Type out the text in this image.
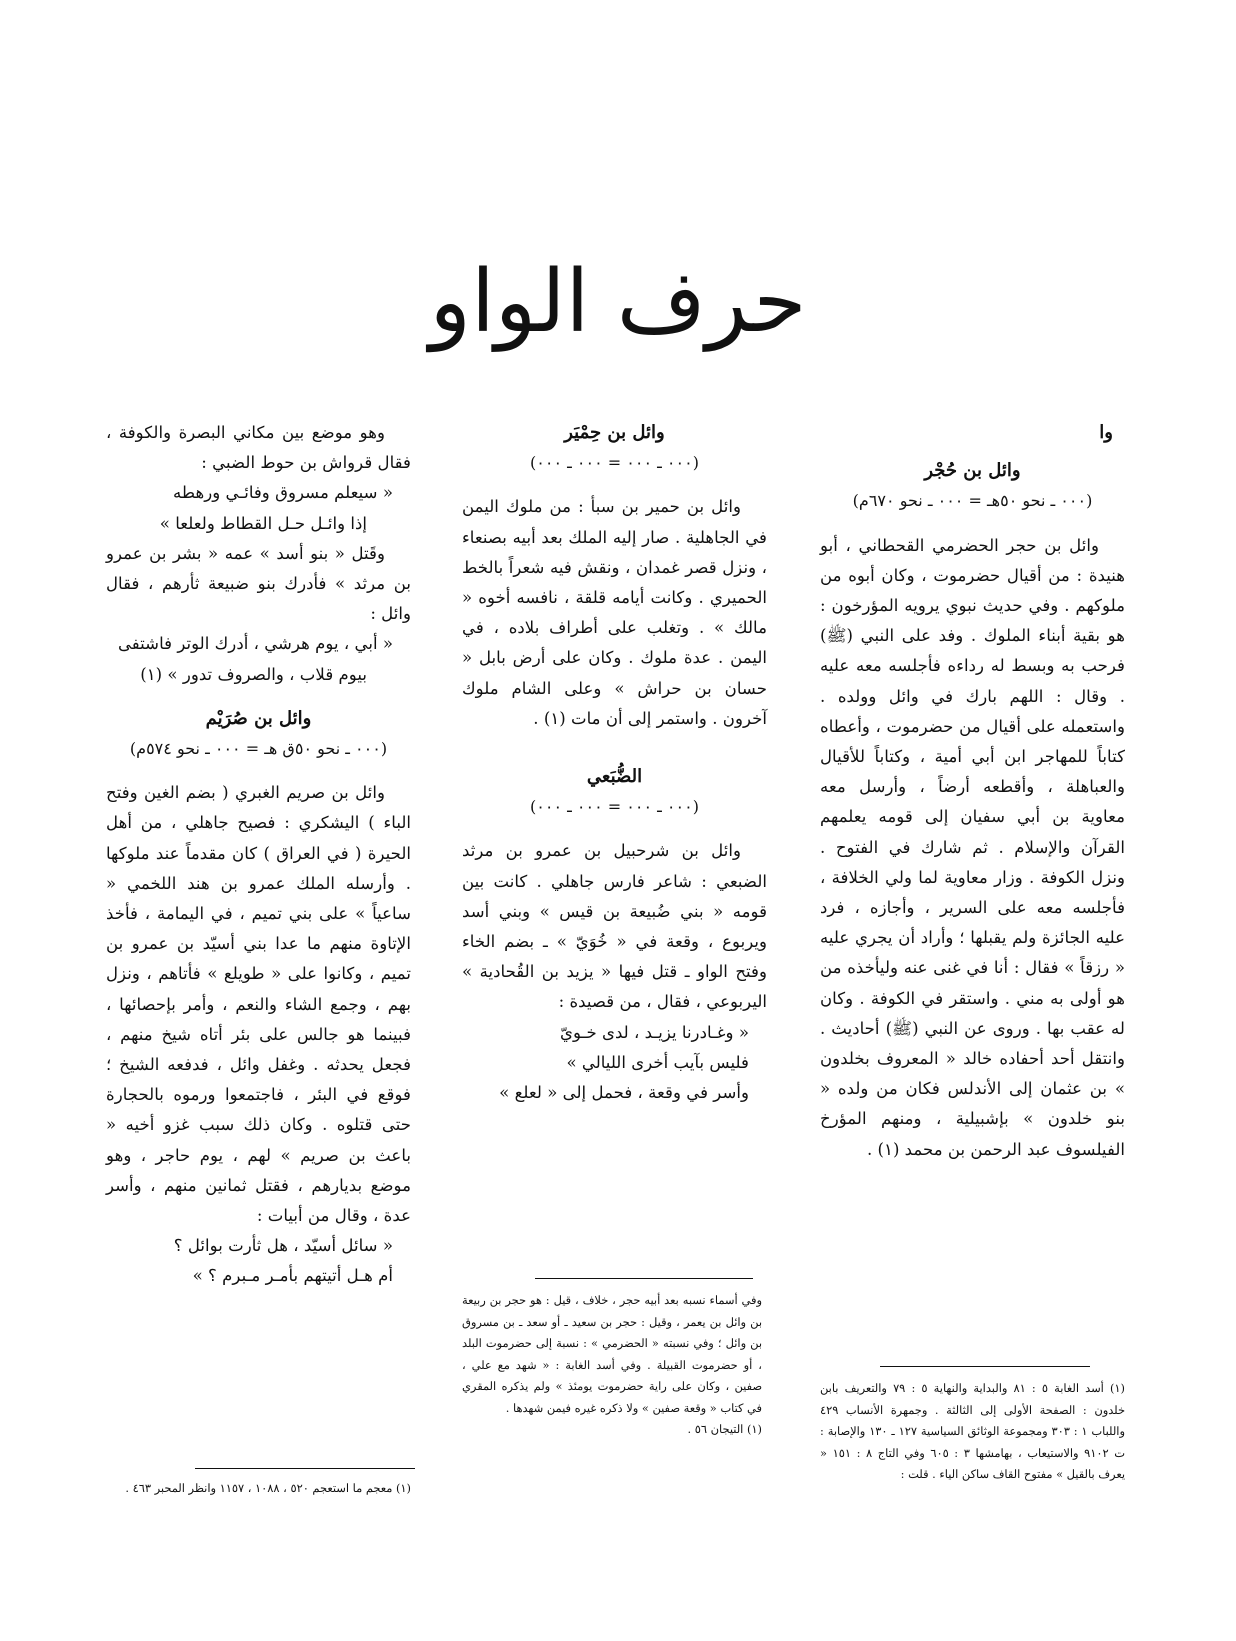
حرف الواو

وا

وائل بن حُجْر

(۰۰۰ ـ نحو ٥٠هـ = ۰۰۰ ـ نحو ٦٧٠م)

وائل بن حجر الحضرمي القحطاني ، أبو هنيدة : من أقيال حضرموت ، وكان أبوه من ملوكهم . وفي حديث نبوي يرويه المؤرخون : هو بقية أبناء الملوك . وفد على النبي (ﷺ) فرحب به وبسط له رداءه فأجلسه معه عليه . وقال : اللهم بارك في وائل وولده . واستعمله على أقيال من حضرموت ، وأعطاه كتاباً للمهاجر ابن أبي أمية ، وكتاباً للأقيال والعباهلة ، وأقطعه أرضاً ، وأرسل معه معاوية بن أبي سفيان إلى قومه يعلمهم القرآن والإسلام . ثم شارك في الفتوح . ونزل الكوفة . وزار معاوية لما ولي الخلافة ، فأجلسه معه على السرير ، وأجازه ، فرد عليه الجائزة ولم يقبلها ؛ وأراد أن يجري عليه « رزقاً » فقال : أنا في غنى عنه وليأخذه من هو أولى به مني . واستقر في الكوفة . وكان له عقب بها . وروى عن النبي (ﷺ) أحاديث . وانتقل أحد أحفاده خالد « المعروف بخلدون » بن عثمان إلى الأندلس فكان من ولده « بنو خلدون » بإشبيلية ، ومنهم المؤرخ الفيلسوف عبد الرحمن بن محمد (١) .

وائل بن حِمْيَر

(۰۰۰ ـ ۰۰۰ = ۰۰۰ ـ ۰۰۰)

وائل بن حمير بن سبأ : من ملوك اليمن في الجاهلية . صار إليه الملك بعد أبيه بصنعاء ، ونزل قصر غمدان ، ونقش فيه شعراً بالخط الحميري . وكانت أيامه قلقة ، نافسه أخوه « مالك » . وتغلب على أطراف بلاده ، في اليمن . عدة ملوك . وكان على أرض بابل « حسان بن حراش » وعلى الشام ملوك آخرون . واستمر إلى أن مات (١) .

الضُّبَعي

(۰۰۰ ـ ۰۰۰ = ۰۰۰ ـ ۰۰۰)

وائل بن شرحبيل بن عمرو بن مرثد الضبعي : شاعر فارس جاهلي . كانت بين قومه « بني ضُبيعة بن قيس » وبني أسد ويربوع ، وقعة في « خُوَيّ » ـ بضم الخاء وفتح الواو ـ قتل فيها « يزيد بن القُحادية » اليربوعي ، فقال ، من قصيدة :

« وغـادرنا يزيـد ، لدى خـويّ

فليس بآيب أخرى الليالي »

وأسر في وقعة ، فحمل إلى « لعلع »

وهو موضع بين مكاني البصرة والكوفة ، فقال قرواش بن حوط الضبي :

« سيعلم مسروق وفائـي ورهطه

إذا وائـل حـل القطاط ولعلعا »

وقَتل « بنو أسد » عمه « بشر بن عمرو بن مرثد » فأدرك بنو ضبيعة ثأرهم ، فقال وائل :

« أبي ، يوم هرشي ، أدرك الوتر فاشتفى

بيوم قلاب ، والصروف تدور » (١)

وائل بن صُرَيْم

(۰۰۰ ـ نحو ٥٠ق هـ = ۰۰۰ ـ نحو ٥٧٤م)

وائل بن صريم الغبري ( بضم الغين وفتح الباء ) اليشكري : فصيح جاهلي ، من أهل الحيرة ( في العراق ) كان مقدماً عند ملوكها . وأرسله الملك عمرو بن هند اللخمي « ساعياً » على بني تميم ، في اليمامة ، فأخذ الإتاوة منهم ما عدا بني أسيّد بن عمرو بن تميم ، وكانوا على « طويلع » فأتاهم ، ونزل بهم ، وجمع الشاء والنعم ، وأمر بإحصائها ، فبينما هو جالس على بئر أتاه شيخ منهم ، فجعل يحدثه . وغفل وائل ، فدفعه الشيخ ؛ فوقع في البئر ، فاجتمعوا ورموه بالحجارة حتى قتلوه . وكان ذلك سبب غزو أخيه « باعث بن صريم » لهم ، يوم حاجر ، وهو موضع بديارهم ، فقتل ثمانين منهم ، وأسر عدة ، وقال من أبيات :

« سائل أسيّد ، هل ثأرت بوائل ؟

أم هـل أتيتهم بأمـر مـبرم ؟ »

(١) أسد الغابة ٥ : ٨١ والبداية والنهاية ٥ : ٧٩ والتعريف بابن خلدون : الصفحة الأولى إلى الثالثة . وجمهرة الأنساب ٤٢٩ واللباب ١ : ٣٠٣ ومجموعة الوثائق السياسية ١٢٧ ـ ١٣٠ والإصابة : ت ٩١٠٢ والاستيعاب ، بهامشها ٣ : ٦٠٥ وفي التاج ٨ : ١٥١ « يعرف بالقيل » مفتوح القاف ساكن الياء . قلت :

وفي أسماء نسبه بعد أبيه حجر ، خلاف ، قيل : هو حجر بن ربيعة بن وائل بن يعمر ، وقيل : حجر بن سعيد ـ أو سعد ـ بن مسروق بن وائل ؛ وفي نسبته « الحضرمي » : نسبة إلى حضرموت البلد ، أو حضرموت القبيلة . وفي أسد الغابة : « شهد مع علي ، صفين ، وكان على راية حضرموت يومئذ » ولم يذكره المقري في كتاب « وقعة صفين » ولا ذكره غيره فيمن شهدها .

(١) التيجان ٥٦ .

(١) معجم ما استعجم ٥٢٠ ، ١٠٨٨ ، ١١٥٧ وانظر المحبر ٤٦٣ .
